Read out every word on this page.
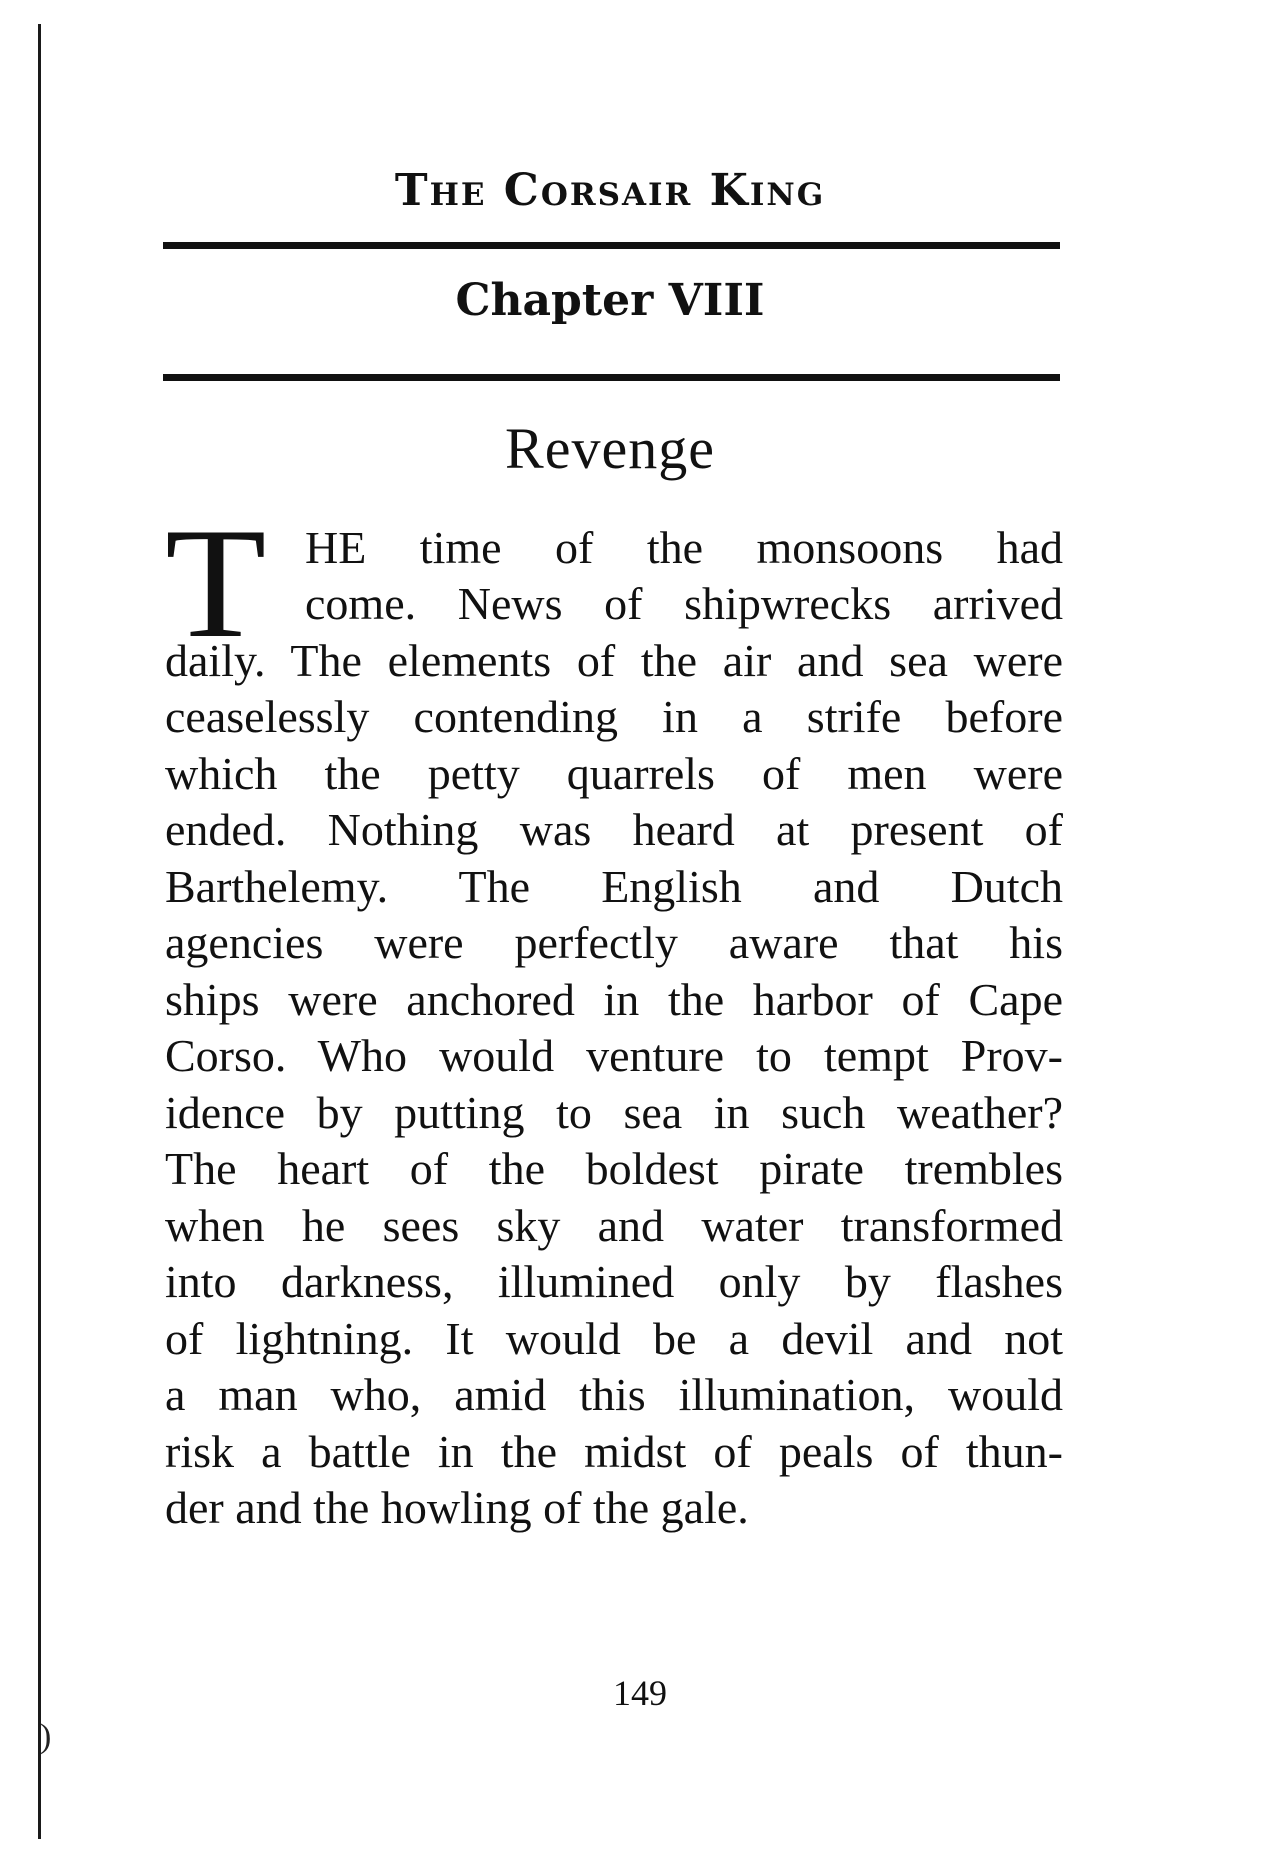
)
The Corsair King
Chapter VIII
Revenge
T HE time of the monsoons had
come. News of shipwrecks arrived
daily. The elements of the air and sea were
ceaselessly contending in a strife before
which the petty quarrels of men were
ended. Nothing was heard at present of
Barthelemy. The English and Dutch
agencies were perfectly aware that his
ships were anchored in the harbor of Cape
Corso. Who would venture to tempt Prov-
idence by putting to sea in such weather?
The heart of the boldest pirate trembles
when he sees sky and water transformed
into darkness, illumined only by flashes
of lightning. It would be a devil and not
a man who, amid this illumination, would
risk a battle in the midst of peals of thun-
der and the howling of the gale.
149
